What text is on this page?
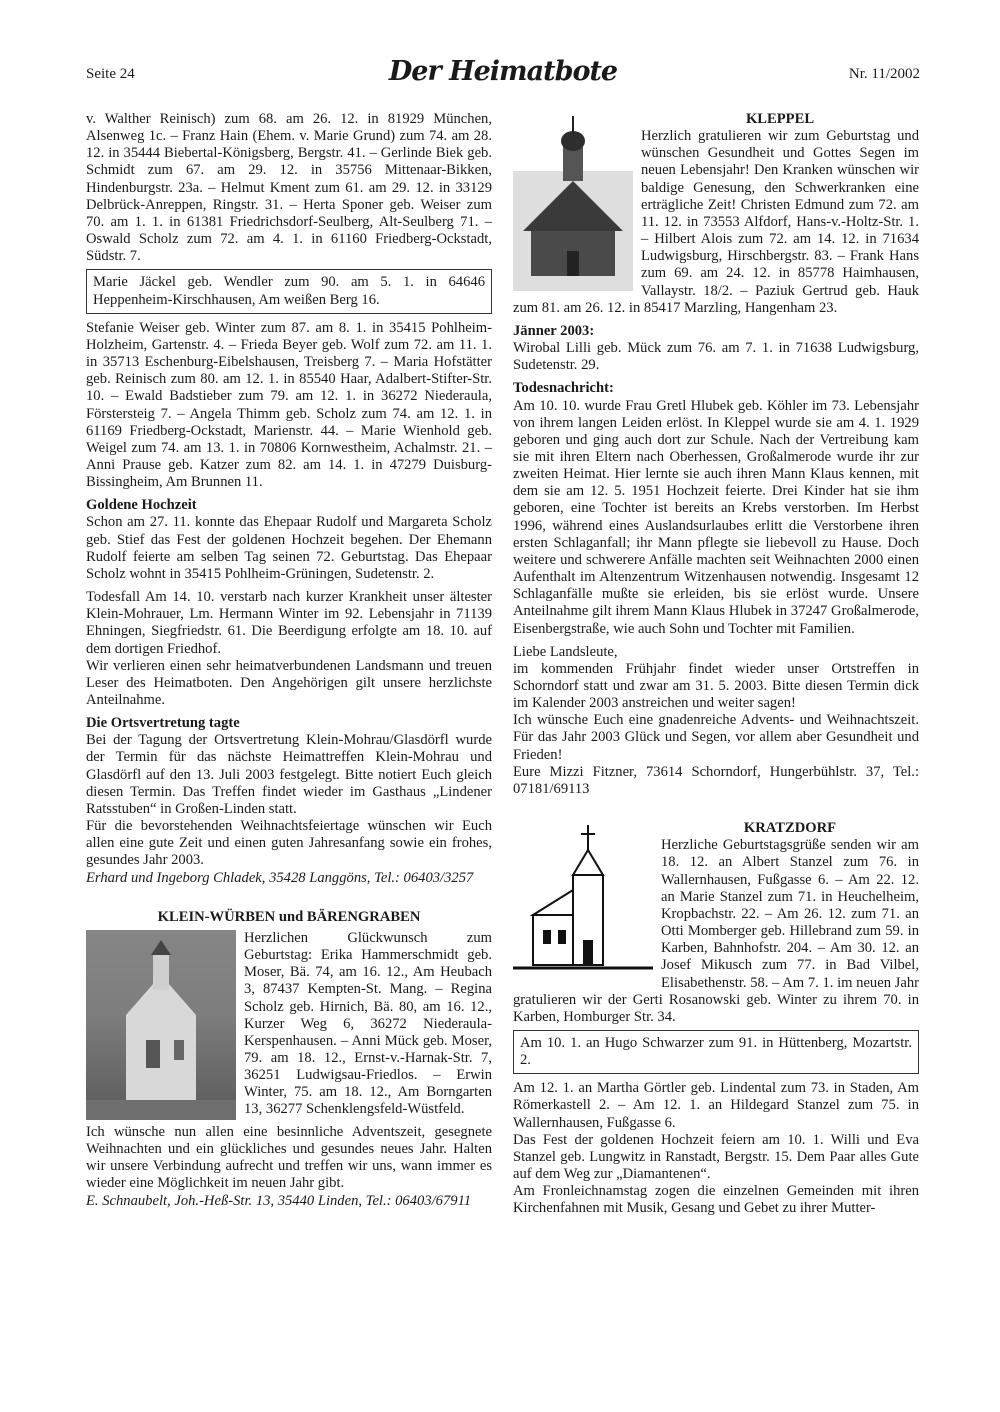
Seite 24	Der Heimatbote	Nr. 11/2002

v. Walther Reinisch) zum 68. am 26. 12. in 81929 München, Alsenweg 1c. – Franz Hain (Ehem. v. Marie Grund) zum 74. am 28. 12. in 35444 Biebertal-Königsberg, Bergstr. 41. – Gerlinde Biek geb. Schmidt zum 67. am 29. 12. in 35756 Mittenaar-Bikken, Hindenburgstr. 23a. – Helmut Kment zum 61. am 29. 12. in 33129 Delbrück-Anreppen, Ringstr. 31. – Herta Sponer geb. Weiser zum 70. am 1. 1. in 61381 Friedrichsdorf-Seulberg, Alt-Seulberg 71. – Oswald Scholz zum 72. am 4. 1. in 61160 Friedberg-Ockstadt, Südstr. 7.

Marie Jäckel geb. Wendler zum 90. am 5. 1. in 64646 Heppenheim-Kirschhausen, Am weißen Berg 16.

Stefanie Weiser geb. Winter zum 87. am 8. 1. in 35415 Pohlheim-Holzheim, Gartenstr. 4. – Frieda Beyer geb. Wolf zum 72. am 11. 1. in 35713 Eschenburg-Eibelshausen, Treisberg 7. – Maria Hofstätter geb. Reinisch zum 80. am 12. 1. in 85540 Haar, Adalbert-Stifter-Str. 10. – Ewald Badstieber zum 79. am 12. 1. in 36272 Niederaula, Förstersteig 7. – Angela Thimm geb. Scholz zum 74. am 12. 1. in 61169 Friedberg-Ockstadt, Marienstr. 44. – Marie Wienhold geb. Weigel zum 74. am 13. 1. in 70806 Kornwestheim, Achalmstr. 21. – Anni Prause geb. Katzer zum 82. am 14. 1. in 47279 Duisburg-Bissingheim, Am Brunnen 11.

Goldene Hochzeit

Schon am 27. 11. konnte das Ehepaar Rudolf und Margareta Scholz geb. Stief das Fest der goldenen Hochzeit begehen. Der Ehemann Rudolf feierte am selben Tag seinen 72. Geburtstag. Das Ehepaar Scholz wohnt in 35415 Pohlheim-Grüningen, Sudetenstr. 2.

Todesfall Am 14. 10. verstarb nach kurzer Krankheit unser ältester Klein-Mohrauer, Lm. Hermann Winter im 92. Lebensjahr in 71139 Ehningen, Siegfriedstr. 61. Die Beerdigung erfolgte am 18. 10. auf dem dortigen Friedhof.

Wir verlieren einen sehr heimatverbundenen Landsmann und treuen Leser des Heimatboten. Den Angehörigen gilt unsere herzlichste Anteilnahme.

Die Ortsvertretung tagte

Bei der Tagung der Ortsvertretung Klein-Mohrau/Glasdörfl wurde der Termin für das nächste Heimattreffen Klein-Mohrau und Glasdörfl auf den 13. Juli 2003 festgelegt. Bitte notiert Euch gleich diesen Termin. Das Treffen findet wieder im Gasthaus „Lindener Ratsstuben“ in Großen-Linden statt.

Für die bevorstehenden Weihnachtsfeiertage wünschen wir Euch allen eine gute Zeit und einen guten Jahresanfang sowie ein frohes, gesundes Jahr 2003.

Erhard und Ingeborg Chladek, 35428 Langgöns, Tel.: 06403/3257

KLEIN-WÜRBEN und BÄRENGRABEN

Herzlichen Glückwunsch zum Geburtstag: Erika Hammerschmidt geb. Moser, Bä. 74, am 16. 12., Am Heubach 3, 87437 Kempten-St. Mang. – Regina Scholz geb. Hirnich, Bä. 80, am 16. 12., Kurzer Weg 6, 36272 Niederaula-Kerspenhausen. – Anni Mück geb. Moser, 79. am 18. 12., Ernst-v.-Harnak-Str. 7, 36251 Ludwigsau-Friedlos. – Erwin Winter, 75. am 18. 12., Am Borngarten 13, 36277 Schenklengsfeld-Wüstfeld.

Ich wünsche nun allen eine besinnliche Adventszeit, gesegnete Weihnachten und ein glückliches und gesundes neues Jahr. Halten wir unsere Verbindung aufrecht und treffen wir uns, wann immer es wieder eine Möglichkeit im neuen Jahr gibt.

E. Schnaubelt, Joh.-Heß-Str. 13, 35440 Linden, Tel.: 06403/67911

KLEPPEL

Herzlich gratulieren wir zum Geburtstag und wünschen Gesundheit und Gottes Segen im neuen Lebensjahr! Den Kranken wünschen wir baldige Genesung, den Schwerkranken eine erträgliche Zeit! Christen Edmund zum 72. am 11. 12. in 73553 Alfdorf, Hans-v.-Holtz-Str. 1. – Hilbert Alois zum 72. am 14. 12. in 71634 Ludwigsburg, Hirschbergstr. 83. – Frank Hans zum 69. am 24. 12. in 85778 Haimhausen, Vallaystr. 18/2. – Paziuk Gertrud geb. Hauk zum 81. am 26. 12. in 85417 Marzling, Hangenham 23.

Jänner 2003:

Wirobal Lilli geb. Mück zum 76. am 7. 1. in 71638 Ludwigsburg, Sudetenstr. 29.

Todesnachricht:

Am 10. 10. wurde Frau Gretl Hlubek geb. Köhler im 73. Lebensjahr von ihrem langen Leiden erlöst. In Kleppel wurde sie am 4. 1. 1929 geboren und ging auch dort zur Schule. Nach der Vertreibung kam sie mit ihren Eltern nach Oberhessen, Großalmerode wurde ihr zur zweiten Heimat. Hier lernte sie auch ihren Mann Klaus kennen, mit dem sie am 12. 5. 1951 Hochzeit feierte. Drei Kinder hat sie ihm geboren, eine Tochter ist bereits an Krebs verstorben. Im Herbst 1996, während eines Auslandsurlaubes erlitt die Verstorbene ihren ersten Schlaganfall; ihr Mann pflegte sie liebevoll zu Hause. Doch weitere und schwerere Anfälle machten seit Weihnachten 2000 einen Aufenthalt im Altenzentrum Witzenhausen notwendig. Insgesamt 12 Schlaganfälle mußte sie erleiden, bis sie erlöst wurde. Unsere Anteilnahme gilt ihrem Mann Klaus Hlubek in 37247 Großalmerode, Eisenbergstraße, wie auch Sohn und Tochter mit Familien.

Liebe Landsleute,

im kommenden Frühjahr findet wieder unser Ortstreffen in Schorndorf statt und zwar am 31. 5. 2003. Bitte diesen Termin dick im Kalender 2003 anstreichen und weiter sagen!

Ich wünsche Euch eine gnadenreiche Advents- und Weihnachtszeit. Für das Jahr 2003 Glück und Segen, vor allem aber Gesundheit und Frieden!

Eure Mizzi Fitzner, 73614 Schorndorf, Hungerbühlstr. 37, Tel.: 07181/69113

KRATZDORF

Herzliche Geburtstagsgrüße senden wir am 18. 12. an Albert Stanzel zum 76. in Wallernhausen, Fußgasse 6. – Am 22. 12. an Marie Stanzel zum 71. in Heuchelheim, Kropbachstr. 22. – Am 26. 12. zum 71. an Otti Momberger geb. Hillebrand zum 59. in Karben, Bahnhofstr. 204. – Am 30. 12. an Josef Mikusch zum 77. in Bad Vilbel, Elisabethenstr. 58. – Am 7. 1. im neuen Jahr gratulieren wir der Gerti Rosanowski geb. Winter zu ihrem 70. in Karben, Homburger Str. 34.

Am 10. 1. an Hugo Schwarzer zum 91. in Hüttenberg, Mozartstr. 2.

Am 12. 1. an Martha Görtler geb. Lindental zum 73. in Staden, Am Römerkastell 2. – Am 12. 1. an Hildegard Stanzel zum 75. in Wallernhausen, Fußgasse 6.

Das Fest der goldenen Hochzeit feiern am 10. 1. Willi und Eva Stanzel geb. Lungwitz in Ranstadt, Bergstr. 15. Dem Paar alles Gute auf dem Weg zur „Diamantenen“.

Am Fronleichnamstag zogen die einzelnen Gemeinden mit ihren Kirchenfahnen mit Musik, Gesang und Gebet zu ihrer Mutter-
